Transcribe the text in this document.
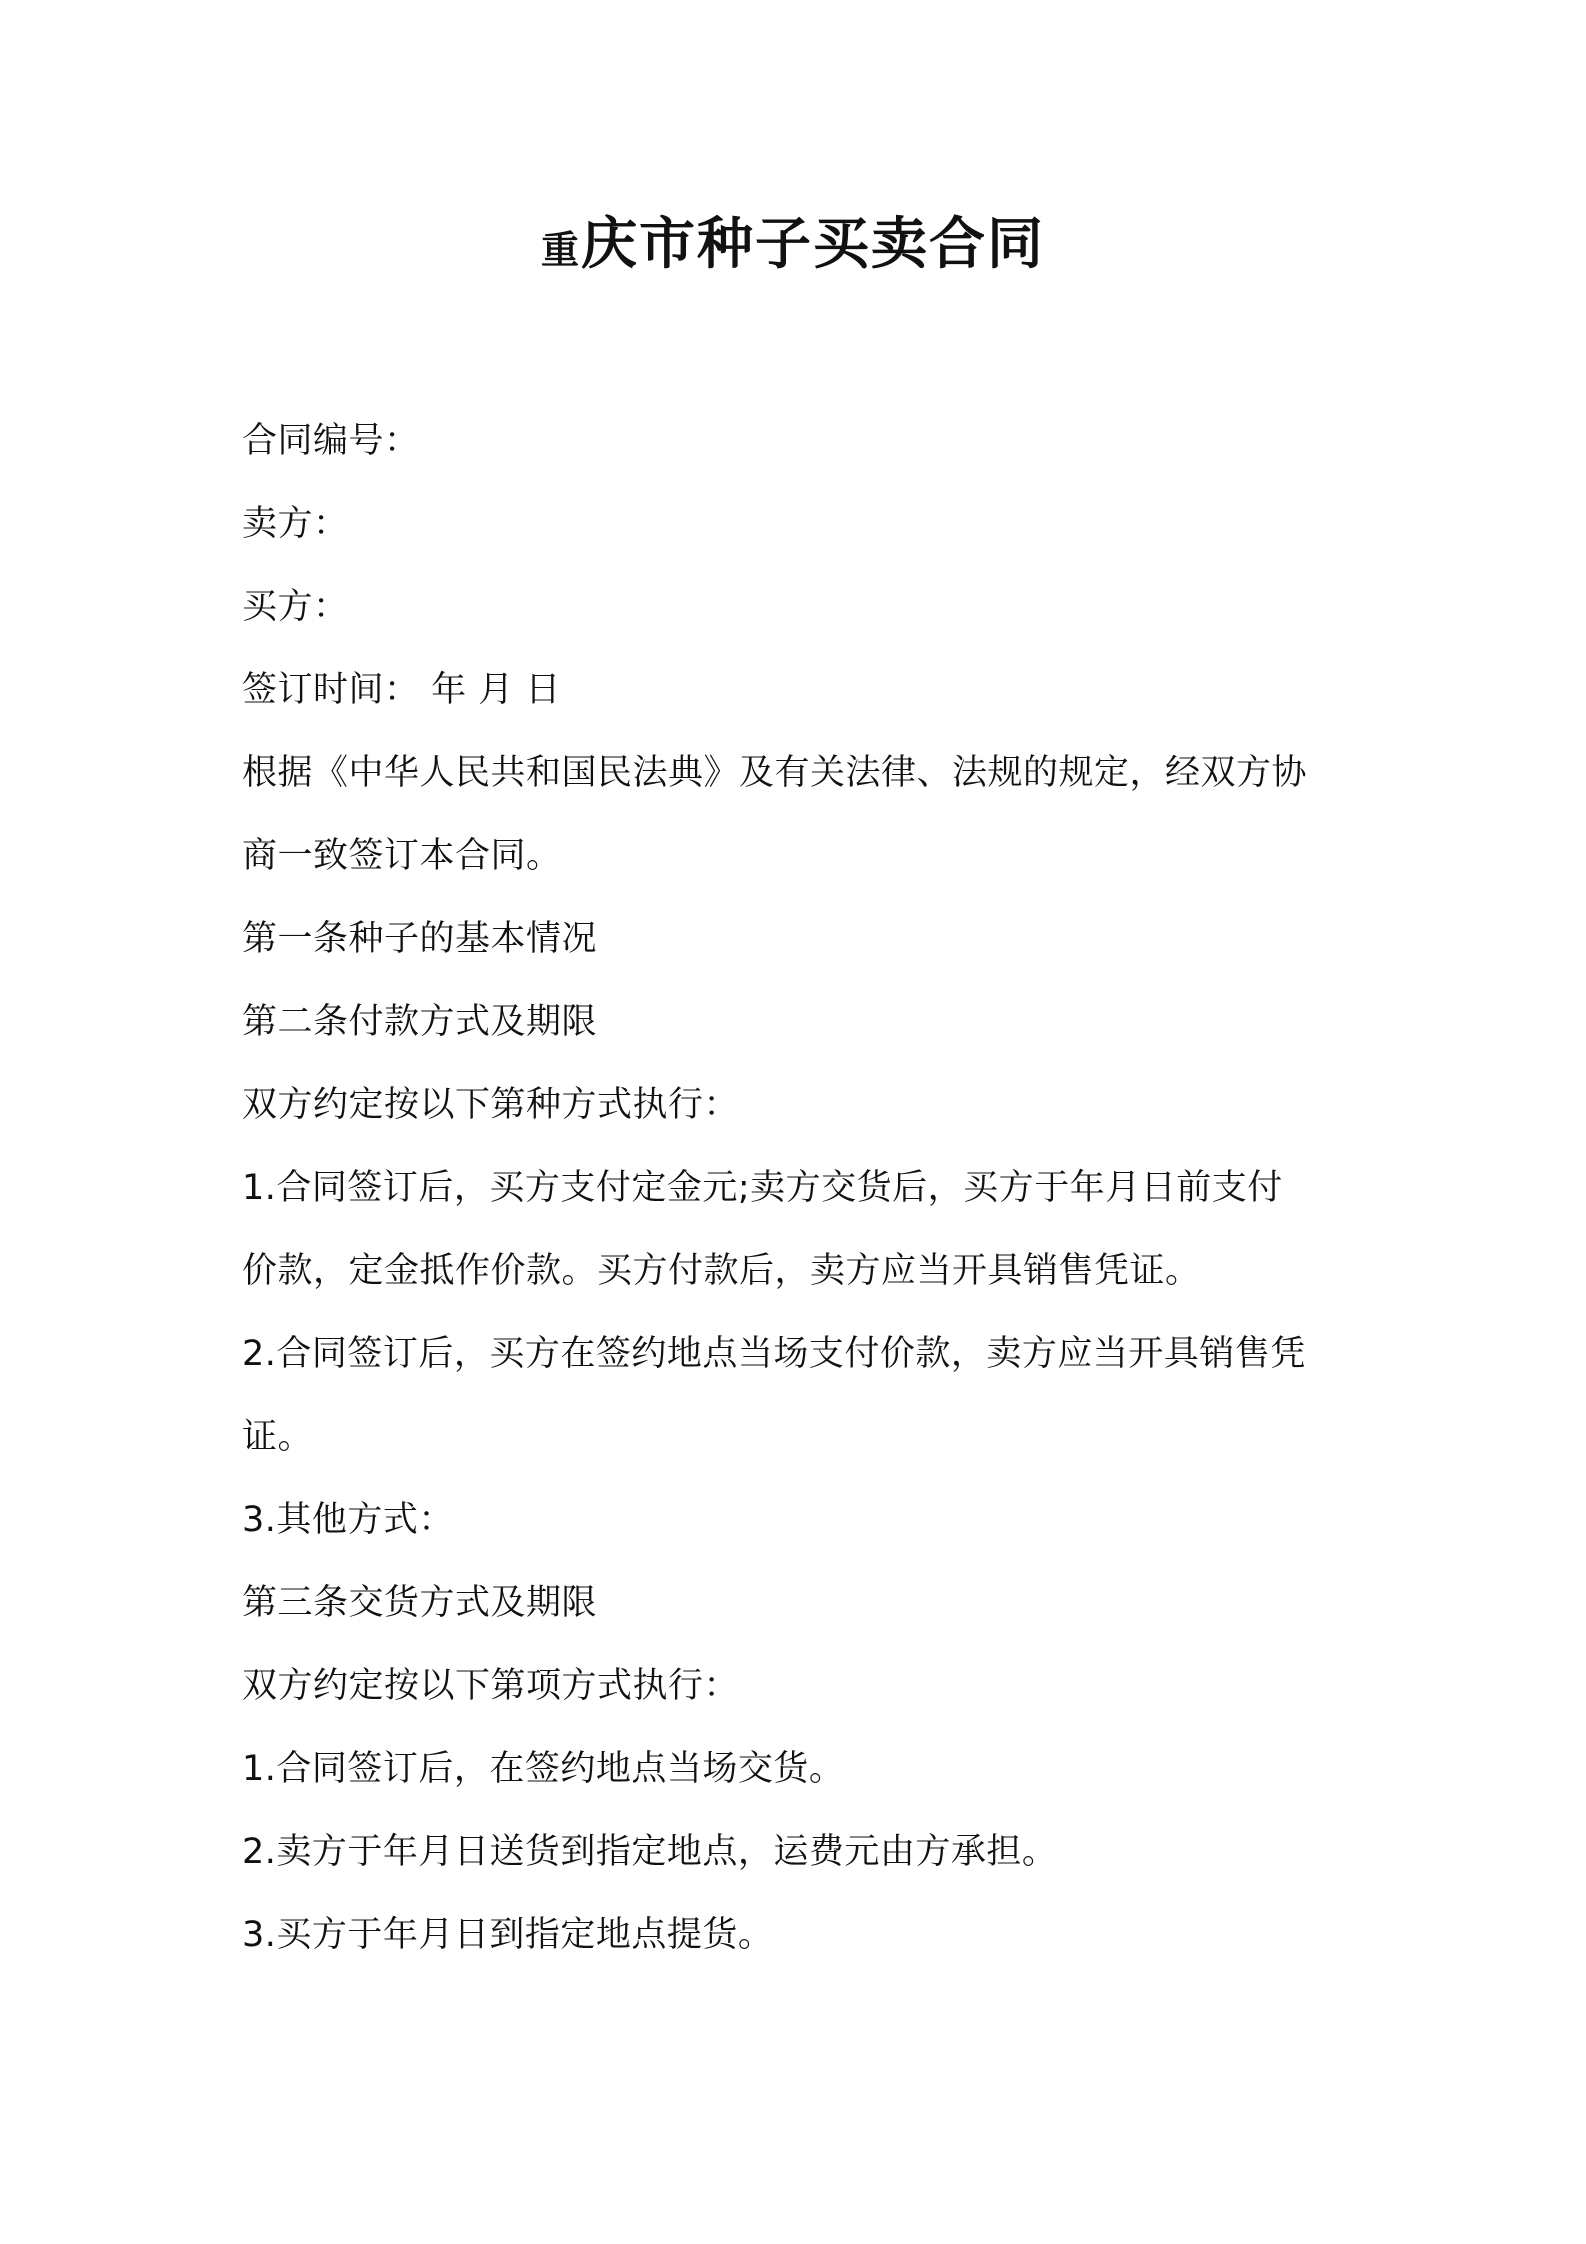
重庆市种子买卖合同

合同编号：

卖方：

买方：

签订时间： 年 月 日

根据《中华人民共和国民法典》及有关法律、法规的规定，经双方协

商一致签订本合同。

第一条种子的基本情况

第二条付款方式及期限

双方约定按以下第种方式执行：

1.合同签订后，买方支付定金元;卖方交货后，买方于年月日前支付

价款，定金抵作价款。买方付款后，卖方应当开具销售凭证。

2.合同签订后，买方在签约地点当场支付价款，卖方应当开具销售凭

证。

3.其他方式：

第三条交货方式及期限

双方约定按以下第项方式执行：

1.合同签订后，在签约地点当场交货。

2.卖方于年月日送货到指定地点，运费元由方承担。

3.买方于年月日到指定地点提货。
